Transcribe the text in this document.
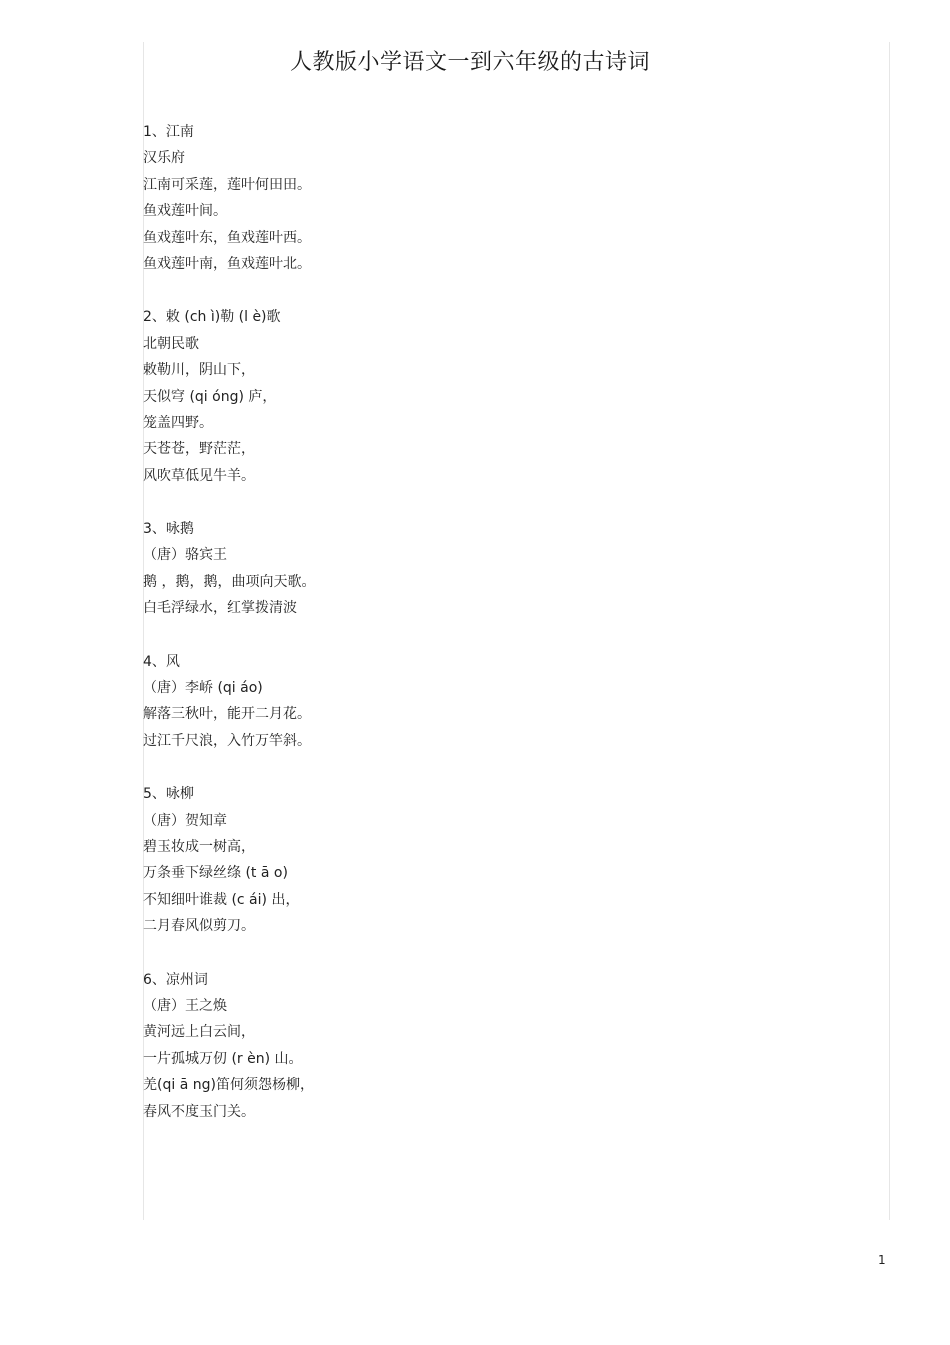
人教版小学语文一到六年级的古诗词
1、江南
汉乐府
江南可采莲，莲叶何田田。
鱼戏莲叶间。
鱼戏莲叶东，鱼戏莲叶西。
鱼戏莲叶南，鱼戏莲叶北。
2、敕 (ch ì)勒 (l è)歌
北朝民歌
敕勒川，阴山下，
天似穹 (qi óng) 庐，
笼盖四野。
天苍苍，野茫茫，
风吹草低见牛羊。
3、咏鹅
（唐）骆宾王
鹅 ，鹅，鹅，曲项向天歌。
白毛浮绿水，红掌拨清波
4、风
（唐）李峤 (qi áo)
解落三秋叶，能开二月花。
过江千尺浪，入竹万竿斜。
5、咏柳
（唐）贺知章
碧玉妆成一树高，
万条垂下绿丝绦 (t ā o)
不知细叶谁裁 (c ái) 出，
二月春风似剪刀。
6、凉州词
（唐）王之焕
黄河远上白云间，
一片孤城万仞 (r èn) 山。
羌(qi ā ng)笛何须怨杨柳，
春风不度玉门关。
1
